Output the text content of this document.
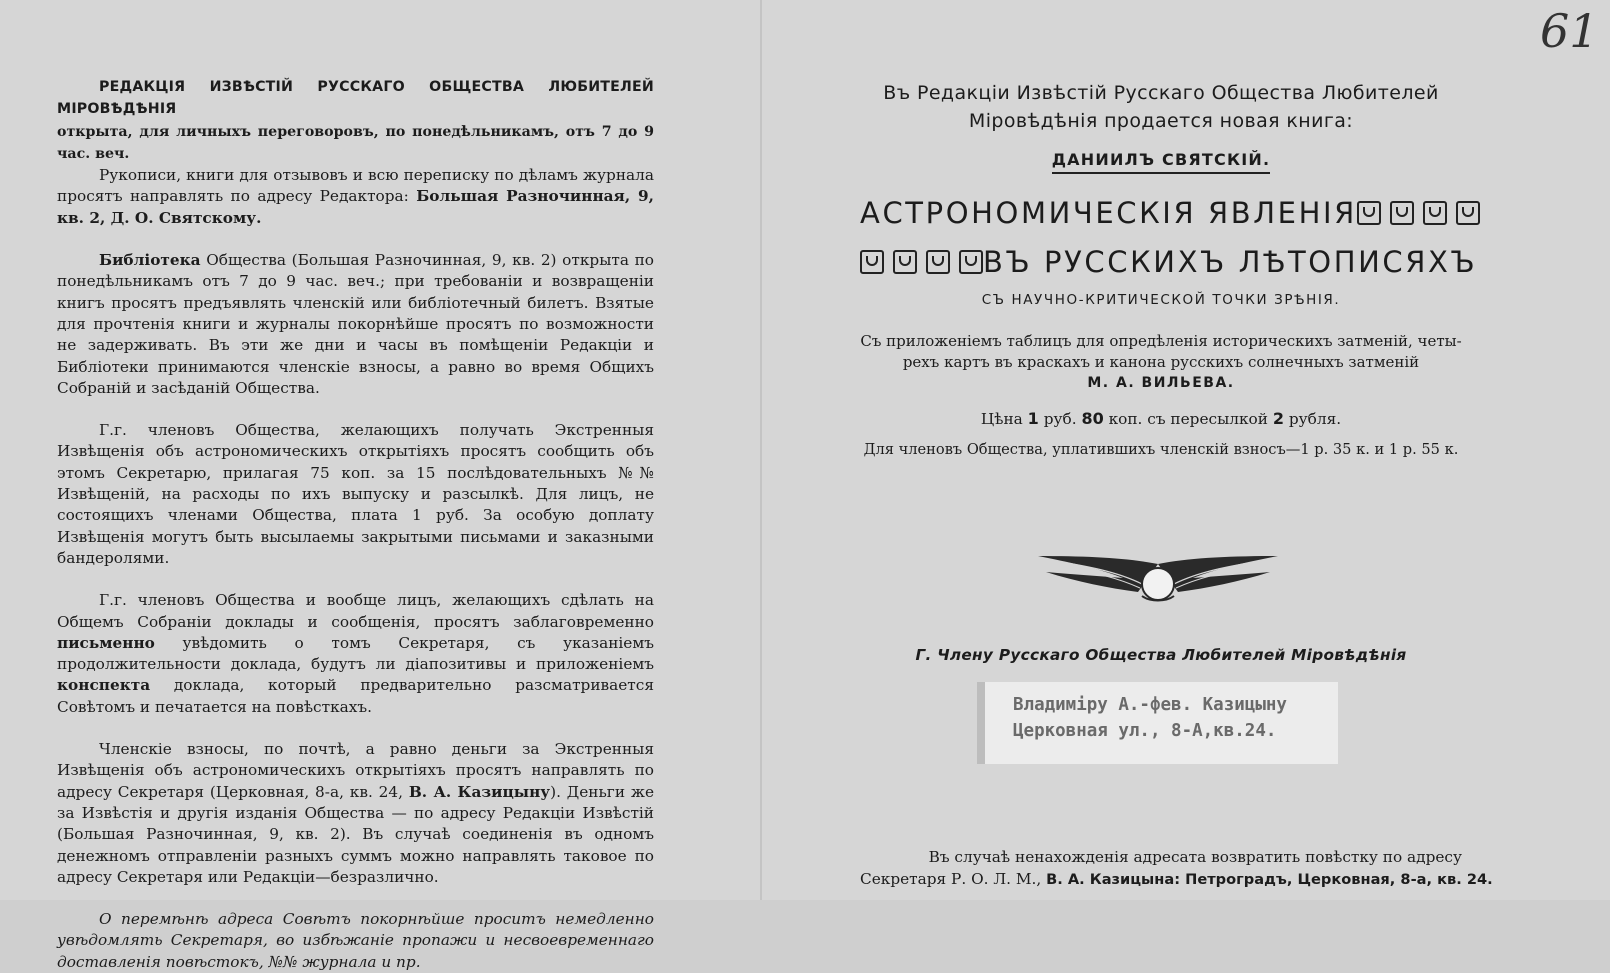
РЕДАКЦІЯ ИЗВѢСТІЙ РУССКАГО ОБЩЕСТВА ЛЮБИТЕЛЕЙ МІРОВѢДѢНІЯ
открыта, для личныхъ переговоровъ, по понедѣльникамъ, отъ 7 до 9 час. веч.

Рукописи, книги для отзывовъ и всю переписку по дѣламъ журнала просятъ направлять по адресу Редактора: Большая Разночинная, 9, кв. 2, Д. О. Святскому.

Библіотека Общества (Большая Разночинная, 9, кв. 2) открыта по понедѣльникамъ отъ 7 до 9 час. веч.; при требованіи и возвращеніи книгъ просятъ предъявлять членскій или библіотечный билетъ. Взятые для прочтенія книги и журналы покорнѣйше просятъ по возможности не задерживать. Въ эти же дни и часы въ помѣщеніи Редакціи и Библіотеки принимаются членскіе взносы, а равно во время Общихъ Собраній и засѣданій Общества.

Г.г. членовъ Общества, желающихъ получать Экстренныя Извѣщенія объ астрономическихъ открытіяхъ просятъ сообщить объ этомъ Секретарю, прилагая 75 коп. за 15 послѣдовательныхъ №№ Извѣщеній, на расходы по ихъ выпуску и разсылкѣ. Для лицъ, не состоящихъ членами Общества, плата 1 руб. За особую доплату Извѣщенія могутъ быть высылаемы закрытыми письмами и заказными бандеролями.

Г.г. членовъ Общества и вообще лицъ, желающихъ сдѣлать на Общемъ Собраніи доклады и сообщенія, просятъ заблаговременно письменно увѣдомить о томъ Секретаря, съ указаніемъ продолжительности доклада, будутъ ли діапозитивы и приложеніемъ конспекта доклада, который предварительно разсматривается Совѣтомъ и печатается на повѣсткахъ.

Членскіе взносы, по почтѣ, а равно деньги за Экстренныя Извѣщенія объ астрономическихъ открытіяхъ просятъ направлять по адресу Секретаря (Церковная, 8-а, кв. 24, В. А. Казицыну). Деньги же за Извѣстія и другія изданія Общества — по адресу Редакціи Извѣстій (Большая Разночинная, 9, кв. 2). Въ случаѣ соединенія въ одномъ денежномъ отправленіи разныхъ суммъ можно направлять таковое по адресу Секретаря или Редакціи—безразлично.

О перемѣнѣ адреса Совѣтъ покорнѣйше проситъ немедленно увѣдомлять Секретаря, во избѣжаніе пропажи и несвоевременнаго доставленія повѣстокъ, №№ журнала и пр.

Въ Редакціи Извѣстій Русскаго Общества Любителей
Міровѣдѣнія продается новая книга:
ДАНИИЛЪ СВЯТСКІЙ.
АСТРОНОМИЧЕСКІЯ ЯВЛЕНІЯ
ВЪ РУССКИХЪ ЛѢТОПИСЯХЪ
СЪ НАУЧНО-КРИТИЧЕСКОЙ ТОЧКИ ЗРѢНІЯ.
Съ приложеніемъ таблицъ для опредѣленія историческихъ затменій, четы-
рехъ картъ въ краскахъ и канона русскихъ солнечныхъ затменій
М. А. ВИЛЬЕВА.
Цѣна 1 руб. 80 коп. съ пересылкой 2 рубля.
Для членовъ Общества, уплатившихъ членскій взносъ—1 р. 35 к. и 1 р. 55 к.
Г. Члену Русскаго Общества Любителей Міровѣдѣнія
Владиміру А.-фев. Казицыну
Церковная ул., 8-А,кв.24.
Въ случаѣ ненахожденія адресата возвратить повѣстку по адресу
Секретаря Р. О. Л. М., В. А. Казицына: Петроградъ, Церковная, 8-а, кв. 24.
61
